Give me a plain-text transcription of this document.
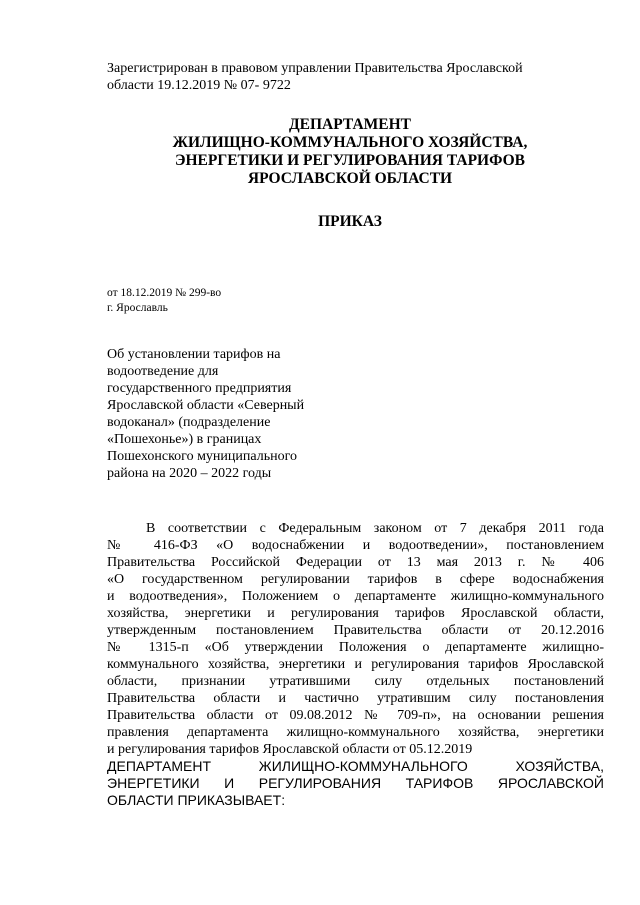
Зарегистрирован в правовом управлении Правительства Ярославской
области 19.12.2019 № 07- 9722
ДЕПАРТАМЕНТ
ЖИЛИЩНО-КОММУНАЛЬНОГО ХОЗЯЙСТВА,
ЭНЕРГЕТИКИ И РЕГУЛИРОВАНИЯ ТАРИФОВ
ЯРОСЛАВСКОЙ ОБЛАСТИ
ПРИКАЗ
от 18.12.2019 № 299-во
г. Ярославль
Об установлении тарифов на
водоотведение для
государственного предприятия
Ярославской области «Северный
водоканал» (подразделение
«Пошехонье») в границах
Пошехонского муниципального
района на 2020 – 2022 годы
В соответствии с Федеральным законом от 7 декабря 2011 года
№ 416-ФЗ «О водоснабжении и водоотведении», постановлением
Правительства Российской Федерации от 13 мая 2013 г. № 406
«О государственном регулировании тарифов в сфере водоснабжения
и водоотведения», Положением о департаменте жилищно-коммунального
хозяйства, энергетики и регулирования тарифов Ярославской области,
утвержденным постановлением Правительства области от 20.12.2016
№ 1315-п «Об утверждении Положения о департаменте жилищно-
коммунального хозяйства, энергетики и регулирования тарифов Ярославской
области, признании утратившими силу отдельных постановлений
Правительства области и частично утратившим силу постановления
Правительства области от 09.08.2012 № 709-п», на основании решения
правления департамента жилищно-коммунального хозяйства, энергетики
и регулирования тарифов Ярославской области от 05.12.2019
ДЕПАРТАМЕНТ ЖИЛИЩНО-КОММУНАЛЬНОГО ХОЗЯЙСТВА,
ЭНЕРГЕТИКИ И РЕГУЛИРОВАНИЯ ТАРИФОВ ЯРОСЛАВСКОЙ
ОБЛАСТИ ПРИКАЗЫВАЕТ:
